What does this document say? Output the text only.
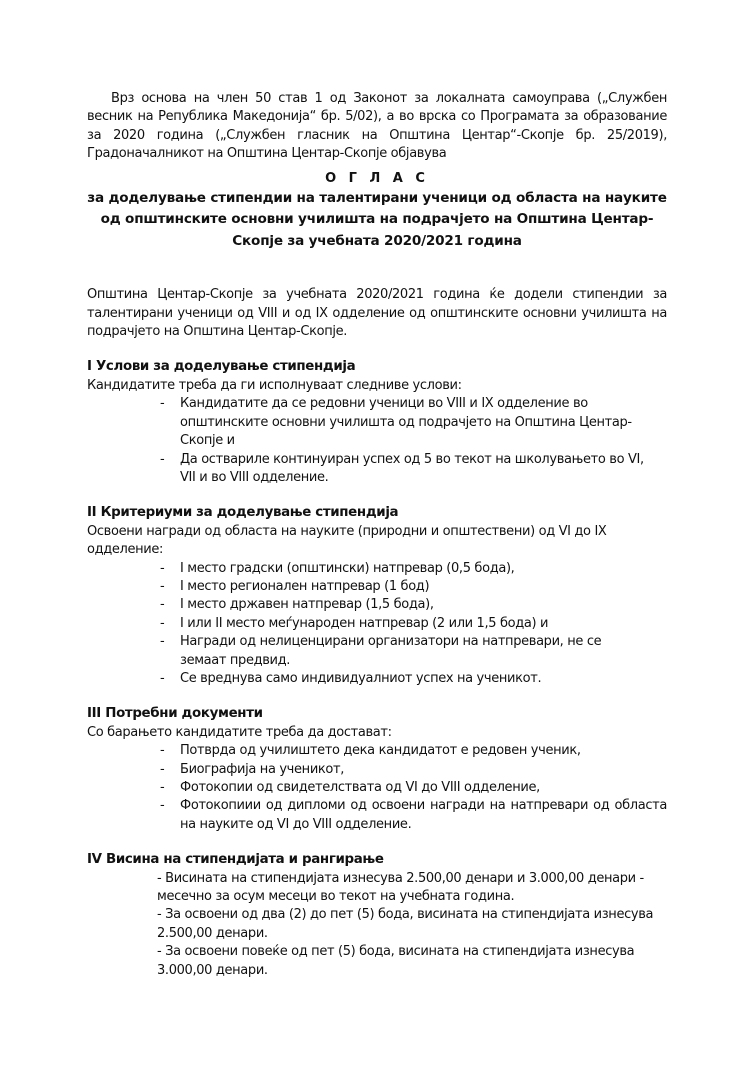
Врз основа на член 50 став 1 од Законот за локалната самоуправа („Службен весник на Република Македонија“ бр. 5/02), а во врска со Програмата за образование за 2020 година („Службен гласник на Општина Центар“-Скопје бр. 25/2019), Градоначалникот на Општина Центар-Скопје објавува

О Г Л А С
за доделување стипендии на талентирани ученици од областа на науките од општинските основни училишта на подрачјето на Општина Центар-Скопје за учебната 2020/2021 година

Општина Центар-Скопје за учебната 2020/2021 година ќе додели стипендии за талентирани ученици од VIII и од IX одделение од општинските основни училишта на подрачјето на Општина Центар-Скопје.

I Услови за доделување стипендија

Кандидатите треба да ги исполнуваат следниве услови:

- Кандидатите да се редовни ученици во VIII и IX одделение во општинските основни училишта од подрачјето на Општина Центар-Скопје и
- Да оствариле континуиран успех од 5 во текот на школувањето во VI, VII и во VIII одделение.

II Критериуми за доделување стипендија

Освоени награди од областа на науките (природни и општествени) од VI до IX одделение:

- I место градски (општински) натпревар (0,5 бода),
- I место регионален натпревар (1 бод)
- I место државен натпревар (1,5 бода),
- I или II место меѓународен натпревар (2 или 1,5 бода) и
- Награди од нелиценцирани организатори на натпревари, не се земаат предвид.
- Се вреднува само индивидуалниот успех на ученикот.

III Потребни документи

Со барањето кандидатите треба да достават:

- Потврда од училиштето дека кандидатот е редовен ученик,
- Биографија на ученикот,
- Фотокопии од свидетелствата од VI до VIII одделение,
- Фотокопиии од дипломи од освоени награди на натпревари од областа на науките од VI до VIII одделение.

IV Висина на стипендијата и рангирање

- Висината на стипендијата изнесува 2.500,00 денари и 3.000,00 денари - месечно за осум месеци во текот на учебната година.

- За освоени од два (2) до пет (5) бода, висината на стипендијата изнесува 2.500,00 денари.

- За освоени повеќе од пет (5) бода, висината на стипендијата изнесува 3.000,00 денари.
